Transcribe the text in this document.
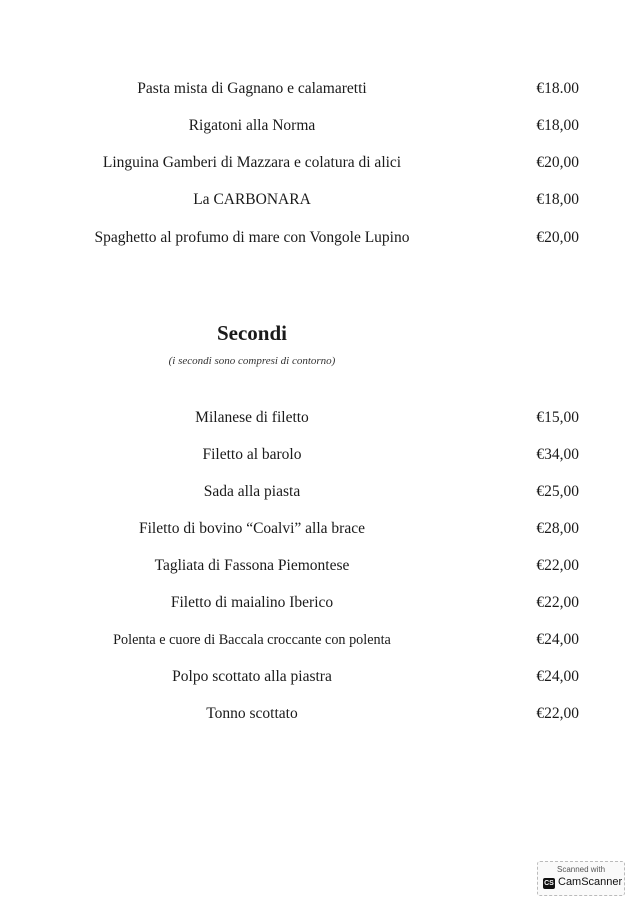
Pasta mista di Gagnano e calamaretti	€18.00
Rigatoni alla Norma	€18,00
Linguina Gamberi di Mazzara e colatura di alici	€20,00
La CARBONARA	€18,00
Spaghetto al profumo di mare con Vongole Lupino	€20,00
Secondi
(i secondi sono compresi di contorno)
Milanese di filetto	€15,00
Filetto al barolo	€34,00
Sada alla piasta	€25,00
Filetto di bovino “Coalvi” alla brace	€28,00
Tagliata di Fassona Piemontese	€22,00
Filetto di maialino Iberico	€22,00
Polenta e cuore di Baccala croccante con polenta	€24,00
Polpo scottato alla piastra	€24,00
Tonno scottato	€22,00
Scanned with
CS CamScanner
